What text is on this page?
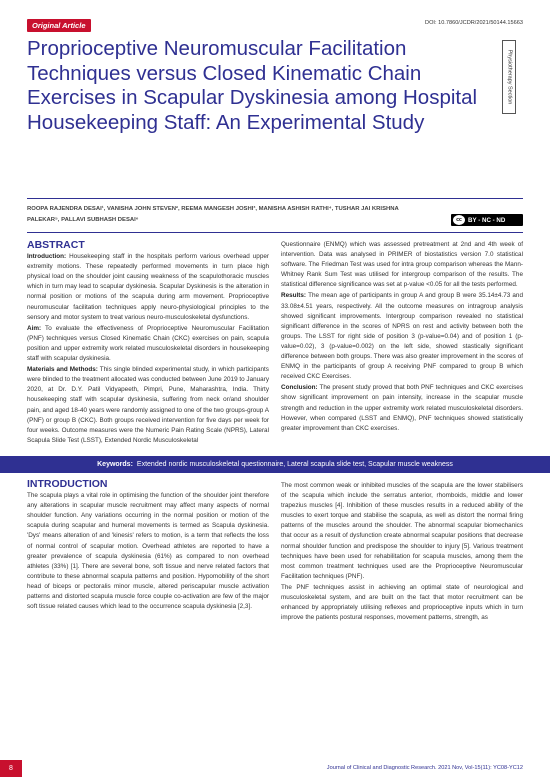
Original Article	DOI: 10.7860/JCDR/2021/50144.15663
Proprioceptive Neuromuscular Facilitation Techniques versus Closed Kinematic Chain Exercises in Scapular Dyskinesia among Hospital Housekeeping Staff: An Experimental Study
Physiotherapy Section
ROOPA RAJENDRA DESAI¹, VANISHA JOHN STEVEN², REEMA MANGESH JOSHI³, MANISHA ASHISH RATHI⁴, TUSHAR JAI KRISHNA PALEKAR⁵, PALLAVI SUBHASH DESAI⁶	cc	BY - NC - ND
ABSTRACT

Introduction: Housekeeping staff in the hospitals perform various overhead upper extremity motions. These repeatedly performed movements in turn place high physical load on the shoulder joint causing weakness of the scapulothoracic muscles which in turn may lead to scapular dyskinesia. Scapular Dyskinesis is the alteration in normal position or motions of the scapula during arm movement. Proprioceptive neuromuscular facilitation techniques apply neuro-physiological principles to the sensory and motor system to treat various neuro-musculoskeletal dysfunctions.

Aim: To evaluate the effectiveness of Proprioceptive Neuromuscular Facilitation (PNF) techniques versus Closed Kinematic Chain (CKC) exercises on pain, scapula position and upper extremity work related musculoskeletal disorders in housekeeping staff with scapular dyskinesia.

Materials and Methods: This single blinded experimental study, in which participants were blinded to the treatment allocated was conducted between June 2019 to January 2020, at Dr. D.Y. Patil Vidyapeeth, Pimpri, Pune, Maharashtra, India. Thirty housekeeping staff with scapular dyskinesia, suffering from neck or/and shoulder pain, and aged 18-40 years were randomly assigned to one of the two groups-group A (PNF) or group B (CKC). Both groups received intervention for five days per week for four weeks. Outcome measures were the Numeric Pain Rating Scale (NPRS), Lateral Scapula Slide Test (LSST), Extended Nordic Musculoskeletal

Questionnaire (ENMQ) which was assessed pretreatment at 2nd and 4th week of intervention. Data was analysed in PRIMER of biostatistics version 7.0 statistical software. The Friedman Test was used for intra group comparison whereas the Mann-Whitney Rank Sum Test was utilised for intergroup comparison of the results. The statistical difference significance was set at p-value <0.05 for all the tests performed.

Results: The mean age of participants in group A and group B were 35.14±4.73 and 33.08±4.51 years, respectively. All the outcome measures on intragroup analysis showed significant improvements. Intergroup comparison revealed no statistical significant difference in the scores of NPRS on rest and activity between both the groups. The LSST for right side of position 3 (p-value=0.04) and of position 1 (p-value=0.02), 3 (p-value=0.002) on the left side, showed stastically significant difference between both groups. There was also greater improvement in the scores of ENMQ in the participants of group A receiving PNF compared to group B which received CKC Exercises.

Conclusion: The present study proved that both PNF techniques and CKC exercises show significant improvement on pain intensity, increase in the scapular muscle strength and reduction in the upper extremity work related musculoskeletal disorders. However, when compared (LSST and ENMQ), PNF techniques showed statistically greater improvement than CKC exercises.

Keywords: Extended nordic musculoskeletal questionnaire, Lateral scapula slide test, Scapular muscle weakness
INTRODUCTION

The scapula plays a vital role in optimising the function of the shoulder joint therefore any alterations in scapular muscle recruitment may affect many aspects of normal shoulder function. Any variations occurring in the normal position or motion of the scapula during scapular and humeral movements is termed as Scapula dyskinesia. 'Dys' means alteration of and 'kinesis' refers to motion, is a term that reflects the loss of normal control of scapular motion. Overhead athletes are reported to have a greater prevalence of scapula dyskinesia (61%) as compared to non overhead athletes (33%) [1]. There are several bone, soft tissue and nerve related factors that contribute to these abnormal scapula patterns and position. Hypomobility of the short head of biceps or pectoralis minor muscle, altered periscapular muscle activation patterns and distorted scapula muscle force couple co-activation are few of the major soft tissue related causes which lead to the occurrence scapula dyskinesia [2,3].

The most common weak or inhibited muscles of the scapula are the lower stabilisers of the scapula which include the serratus anterior, rhomboids, middle and lower trapezius muscles [4]. Inhibition of these muscles results in a reduced ability of the muscles to exert torque and stabilise the scapula, as well as distort the normal firing patterns of the muscles around the shoulder. The abnormal scapular biomechanics that occur as a result of dysfunction create abnormal scapular positions that decrease normal shoulder function and predispose the shoulder to injury [5]. Various treatment techniques have been used for rehabilitation for scapula muscles, among them the most common treatment techniques used are the Proprioceptive Neuromuscular Facilitation techniques (PNF).

The PNF techniques assist in achieving an optimal state of neurological and musculoskeletal system, and are built on the fact that motor recruitment can be enhanced by appropriately utilising reflexes and proprioceptive inputs which in turn improve the patients postural responses, movement patterns, strength, as

8	Journal of Clinical and Diagnostic Research. 2021 Nov, Vol-15(11): YC08-YC12
